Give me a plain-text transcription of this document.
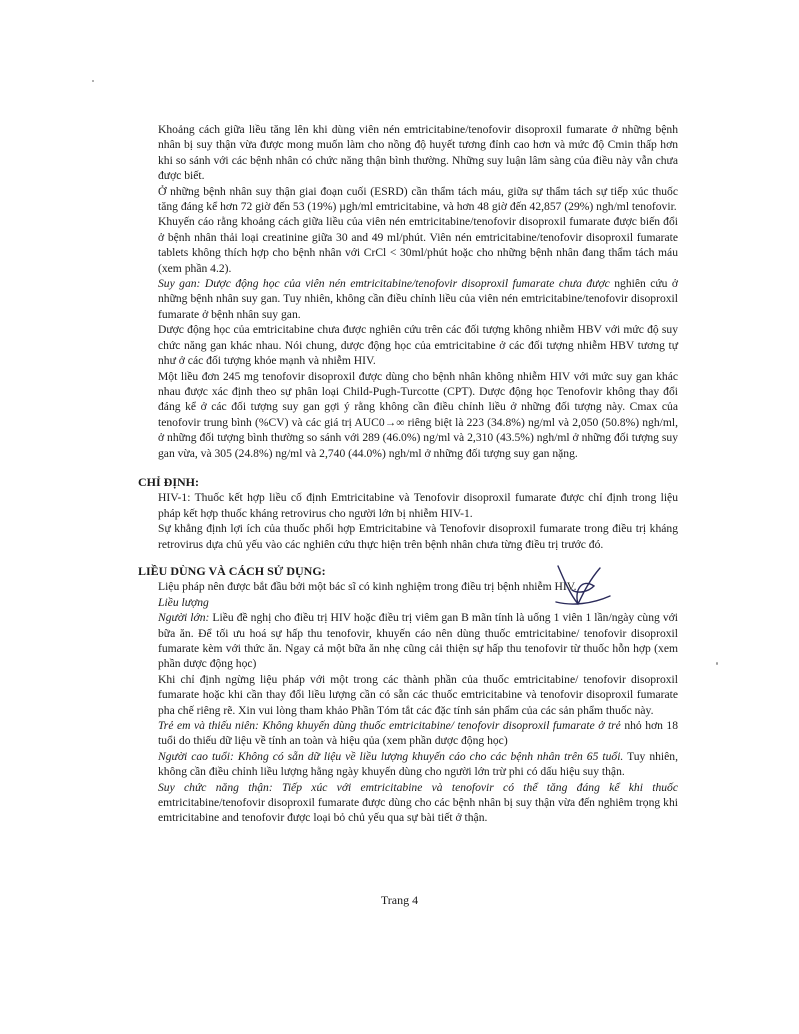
Khoảng cách giữa liều tăng lên khi dùng viên nén emtricitabine/tenofovir disoproxil fumarate ở những bệnh nhân bị suy thận vừa được mong muốn làm cho nồng độ huyết tương đỉnh cao hơn và mức độ Cmin thấp hơn khi so sánh với các bệnh nhân có chức năng thận bình thường. Những suy luận lâm sàng của điều này vẫn chưa được biết.

Ở những bệnh nhân suy thận giai đoạn cuối (ESRD) cần thẩm tách máu, giữa sự thẩm tách sự tiếp xúc thuốc tăng đáng kể hơn 72 giờ đến 53 (19%) µgh/ml emtricitabine, và hơn 48 giờ đến 42,857 (29%) ngh/ml tenofovir.

Khuyến cáo rằng khoảng cách giữa liều của viên nén emtricitabine/tenofovir disoproxil fumarate được biến đổi ở bệnh nhân thải loại creatinine giữa 30 and 49 ml/phút. Viên nén emtricitabine/tenofovir disoproxil fumarate tablets không thích hợp cho bệnh nhân với CrCl < 30ml/phút hoặc cho những bệnh nhân đang thẩm tách máu (xem phần 4.2).

Suy gan: Dược động học của viên nén emtricitabine/tenofovir disoproxil fumarate chưa được nghiên cứu ở những bệnh nhân suy gan. Tuy nhiên, không cần điều chỉnh liều của viên nén emtricitabine/tenofovir disoproxil fumarate ở bệnh nhân suy gan.

Dược động học của emtricitabine chưa được nghiên cứu trên các đối tượng không nhiễm HBV với mức độ suy chức năng gan khác nhau. Nói chung, dược động học của emtricitabine ở các đối tượng nhiễm HBV tương tự như ở các đối tượng khỏe mạnh và nhiễm HIV.

Một liều đơn 245 mg tenofovir disoproxil được dùng cho bệnh nhân không nhiễm HIV với mức suy gan khác nhau được xác định theo sự phân loại Child-Pugh-Turcotte (CPT). Dược động học Tenofovir không thay đổi đáng kể ở các đối tượng suy gan gợi ý rằng không cần điều chỉnh liều ở những đối tượng này. Cmax của tenofovir trung bình (%CV) và các giá trị AUC0→∞ riêng biệt là 223 (34.8%) ng/ml và 2,050 (50.8%) ngh/ml, ở những đối tượng bình thường so sánh với 289 (46.0%) ng/ml và 2,310 (43.5%) ngh/ml ở những đối tượng suy gan vừa, và 305 (24.8%) ng/ml và 2,740 (44.0%) ngh/ml ở những đối tượng suy gan nặng.

CHỈ ĐỊNH:

HIV-1: Thuốc kết hợp liều cố định Emtricitabine và Tenofovir disoproxil fumarate được chỉ định trong liệu pháp kết hợp thuốc kháng retrovirus cho người lớn bị nhiễm HIV-1.

Sự khẳng định lợi ích của thuốc phối hợp Emtricitabine và Tenofovir disoproxil fumarate trong điều trị kháng retrovirus dựa chủ yếu vào các nghiên cứu thực hiện trên bệnh nhân chưa từng điều trị trước đó.

LIỀU DÙNG VÀ CÁCH SỬ DỤNG:

Liệu pháp nên được bắt đầu bởi một bác sĩ có kinh nghiệm trong điều trị bệnh nhiễm HIV.

Liều lượng

Người lớn: Liều đề nghị cho điều trị HIV hoặc điều trị viêm gan B mãn tính là uống 1 viên 1 lần/ngày cùng với bữa ăn. Để tối ưu hoá sự hấp thu tenofovir, khuyến cáo nên dùng thuốc emtricitabine/ tenofovir disoproxil fumarate kèm với thức ăn. Ngay cả một bữa ăn nhẹ cũng cải thiện sự hấp thu tenofovir từ thuốc hỗn hợp (xem phần dược động học)

Khi chỉ định ngừng liệu pháp với một trong các thành phần của thuốc emtricitabine/ tenofovir disoproxil fumarate hoặc khi cần thay đổi liều lượng cần có sẵn các thuốc emtricitabine và tenofovir disoproxil fumarate pha chế riêng rẽ. Xin vui lòng tham khảo Phần Tóm tắt các đặc tính sản phẩm của các sản phẩm thuốc này.

Trẻ em và thiếu niên: Không khuyến dùng thuốc emtricitabine/ tenofovir disoproxil fumarate ở trẻ nhỏ hơn 18 tuổi do thiếu dữ liệu về tính an toàn và hiệu qủa (xem phần dược động học)

Người cao tuổi: Không có sẵn dữ liệu về liều lượng khuyến cáo cho các bệnh nhân trên 65 tuổi. Tuy nhiên, không cần điều chỉnh liều lượng hằng ngày khuyến dùng cho người lớn trừ phi có dấu hiệu suy thận.

Suy chức năng thận: Tiếp xúc với emtricitabine và tenofovir có thể tăng đáng kể khi thuốc emtricitabine/tenofovir disoproxil fumarate được dùng cho các bệnh nhân bị suy thận vừa đến nghiêm trọng khi emtricitabine and tenofovir được loại bỏ chủ yếu qua sự bài tiết ở thận.

Trang 4
